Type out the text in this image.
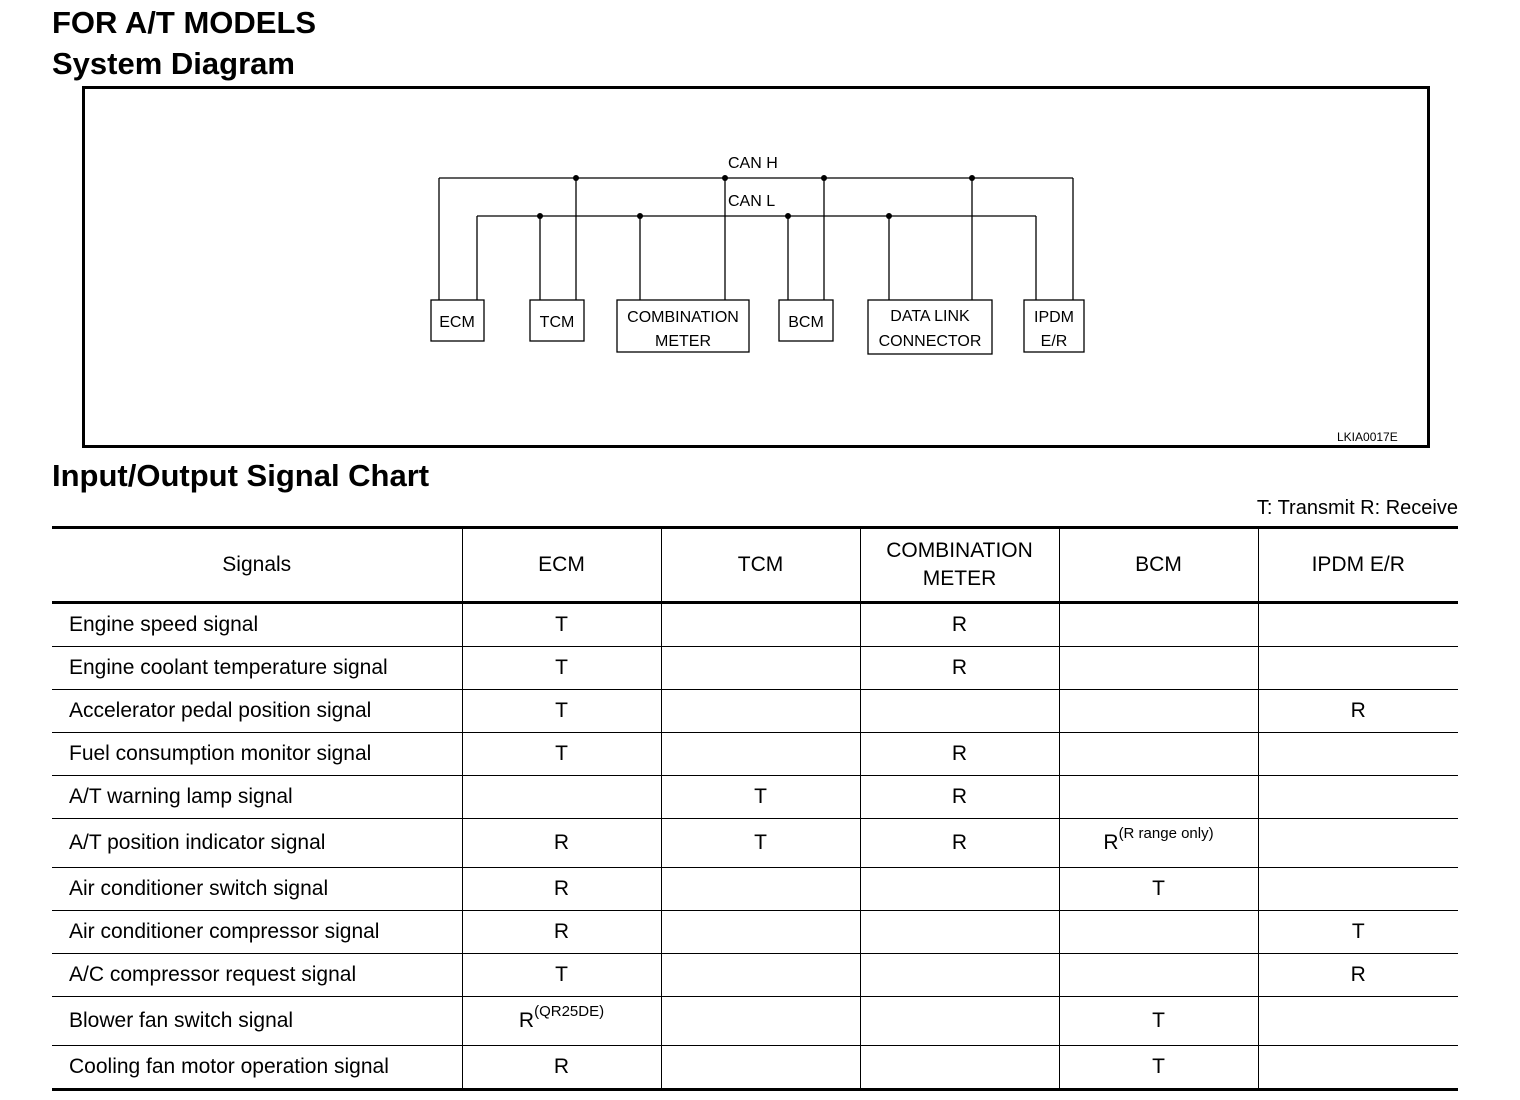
FOR A/T MODELS
System Diagram
CAN H
CAN L
ECM	TCM	COMBINATION
METER
BCM	DATA LINK
CONNECTOR
IPDM
E/R
LKIA0017E
Input/Output Signal Chart
T: Transmit R: Receive
Signals	ECM	TCM	COMBINATION
METER	BCM	IPDM E/R
Engine speed signal	T		R		
Engine coolant temperature signal	T		R		
Accelerator pedal position signal	T				R
Fuel consumption monitor signal	T		R		
A/T warning lamp signal		T	R		
A/T position indicator signal	R	T	R	$R^{(R range only)}$	
Air conditioner switch signal	R			T	
Air conditioner compressor signal	R				T
A/C compressor request signal	T				R
Blower fan switch signal	$R^{(QR25DE)}$			T	
Cooling fan motor operation signal	R			T	
